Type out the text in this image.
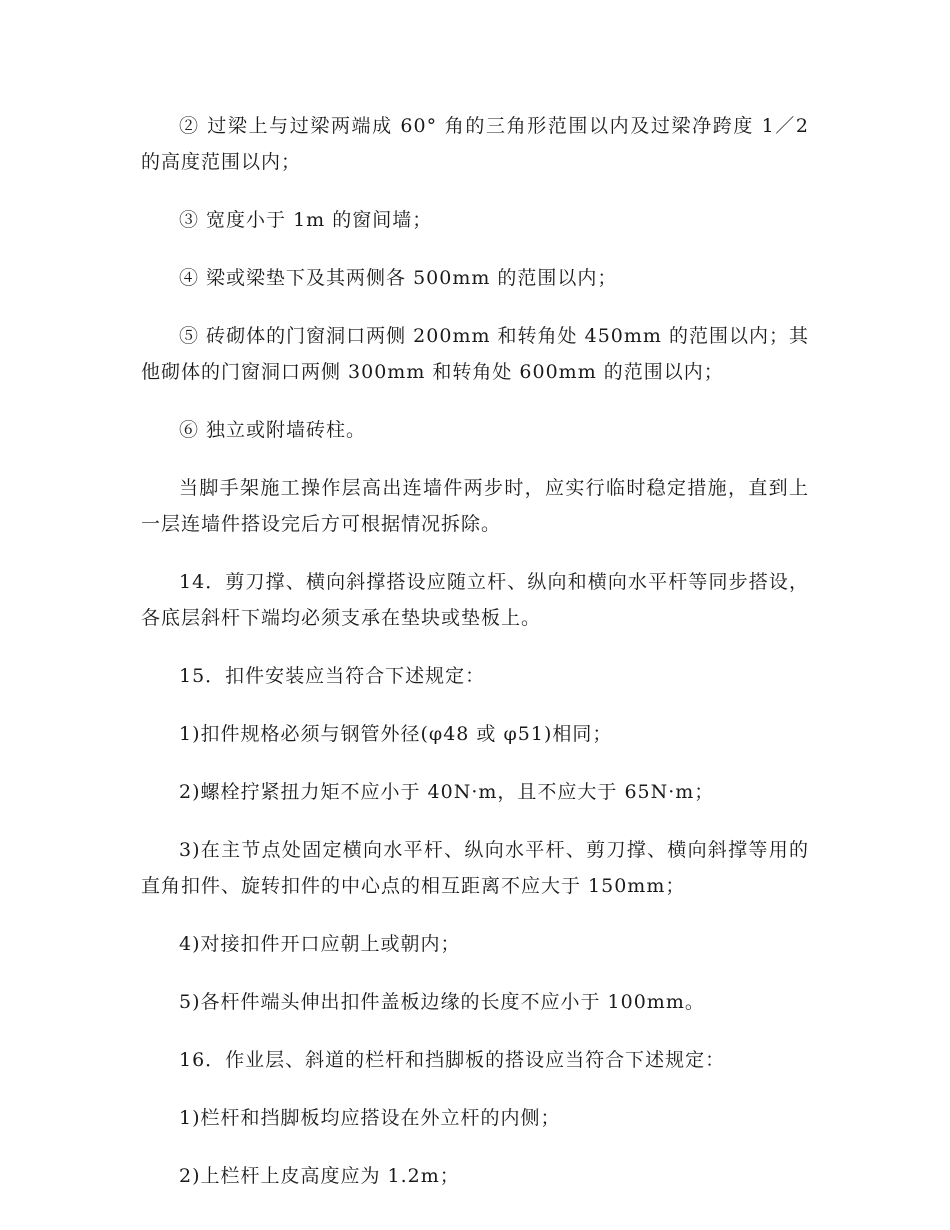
② 过梁上与过梁两端成 60° 角的三角形范围以内及过梁净跨度 1／2 的高度范围以内；

③ 宽度小于 1m 的窗间墙；

④ 梁或梁垫下及其两侧各 500mm 的范围以内；

⑤ 砖砌体的门窗洞口两侧 200mm 和转角处 450mm 的范围以内；其他砌体的门窗洞口两侧 300mm 和转角处 600mm 的范围以内；

⑥ 独立或附墙砖柱。

当脚手架施工操作层高出连墙件两步时，应实行临时稳定措施，直到上一层连墙件搭设完后方可根据情况拆除。

14．剪刀撑、横向斜撑搭设应随立杆、纵向和横向水平杆等同步搭设，各底层斜杆下端均必须支承在垫块或垫板上。

15．扣件安装应当符合下述规定：

1)扣件规格必须与钢管外径(φ48 或 φ51)相同；

2)螺栓拧紧扭力矩不应小于 40N·m，且不应大于 65N·m；

3)在主节点处固定横向水平杆、纵向水平杆、剪刀撑、横向斜撑等用的直角扣件、旋转扣件的中心点的相互距离不应大于 150mm；

4)对接扣件开口应朝上或朝内；

5)各杆件端头伸出扣件盖板边缘的长度不应小于 100mm。

16．作业层、斜道的栏杆和挡脚板的搭设应当符合下述规定：

1)栏杆和挡脚板均应搭设在外立杆的内侧；

2)上栏杆上皮高度应为 1.2m；
